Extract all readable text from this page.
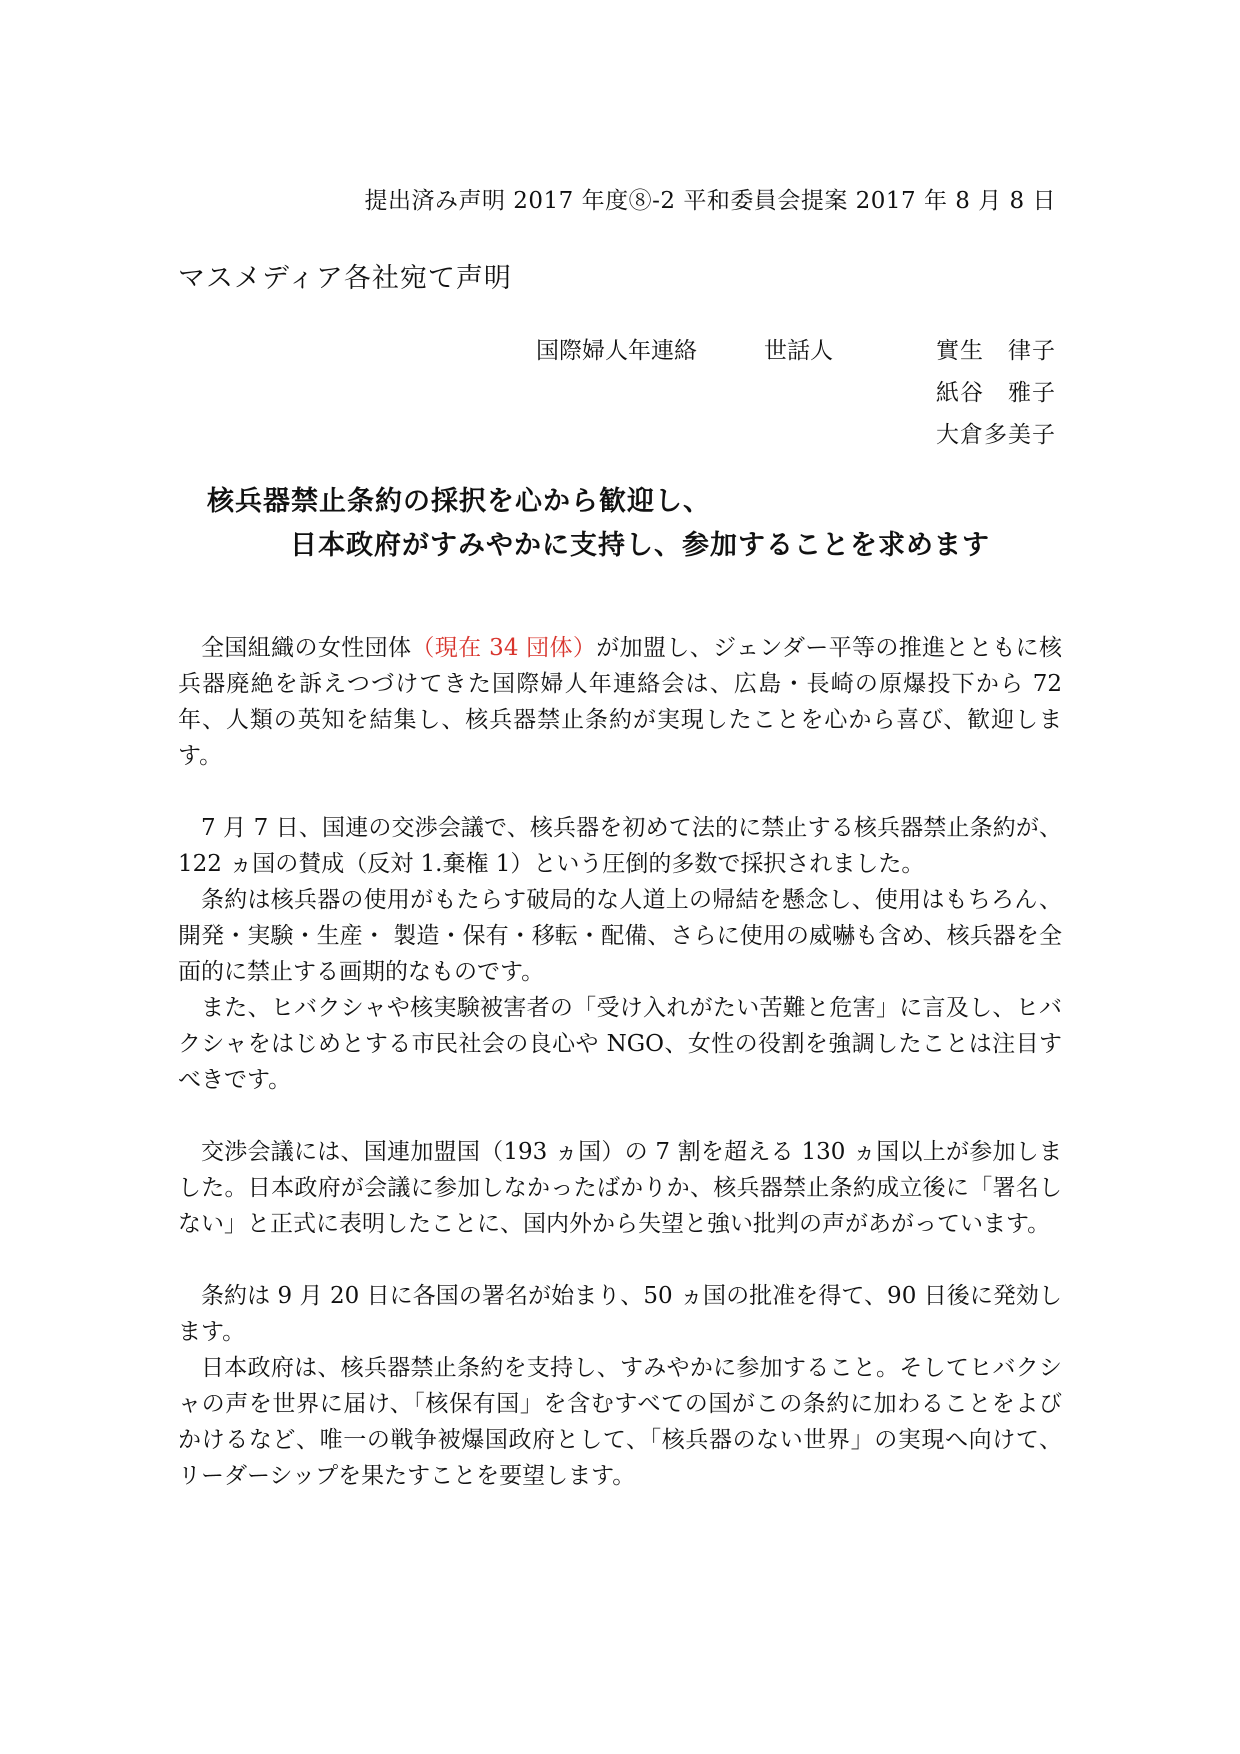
提出済み声明 2017 年度⑧-2 平和委員会提案 2017 年 8 月 8 日
マスメディア各社宛て声明
国際婦人年連絡	世話人	實生　律子
紙谷　雅子
大倉多美子
核兵器禁止条約の採択を心から歓迎し、
日本政府がすみやかに支持し、参加することを求めます

全国組織の女性団体（現在 34 団体）が加盟し、ジェンダー平等の推進とともに核兵器廃絶を訴えつづけてきた国際婦人年連絡会は、広島・長崎の原爆投下から 72 年、人類の英知を結集し、核兵器禁止条約が実現したことを心から喜び、歓迎します。

7 月 7 日、国連の交渉会議で、核兵器を初めて法的に禁止する核兵器禁止条約が、122 ヵ国の賛成（反対 1.棄権 1）という圧倒的多数で採択されました。

条約は核兵器の使用がもたらす破局的な人道上の帰結を懸念し、使用はもちろん、開発・実験・生産・ 製造・保有・移転・配備、さらに使用の威嚇も含め、核兵器を全面的に禁止する画期的なものです。

また、ヒバクシャや核実験被害者の「受け入れがたい苦難と危害」に言及し、ヒバクシャをはじめとする市民社会の良心や NGO、女性の役割を強調したことは注目すべきです。

交渉会議には、国連加盟国（193 ヵ国）の 7 割を超える 130 ヵ国以上が参加しました。日本政府が会議に参加しなかったばかりか、核兵器禁止条約成立後に「署名しない」と正式に表明したことに、国内外から失望と強い批判の声があがっています。

条約は 9 月 20 日に各国の署名が始まり、50 ヵ国の批准を得て、90 日後に発効します。

日本政府は、核兵器禁止条約を支持し、すみやかに参加すること。そしてヒバクシャの声を世界に届け、「核保有国」を含むすべての国がこの条約に加わることをよびかけるなど、唯一の戦争被爆国政府として、「核兵器のない世界」の実現へ向けて、リーダーシップを果たすことを要望します。
